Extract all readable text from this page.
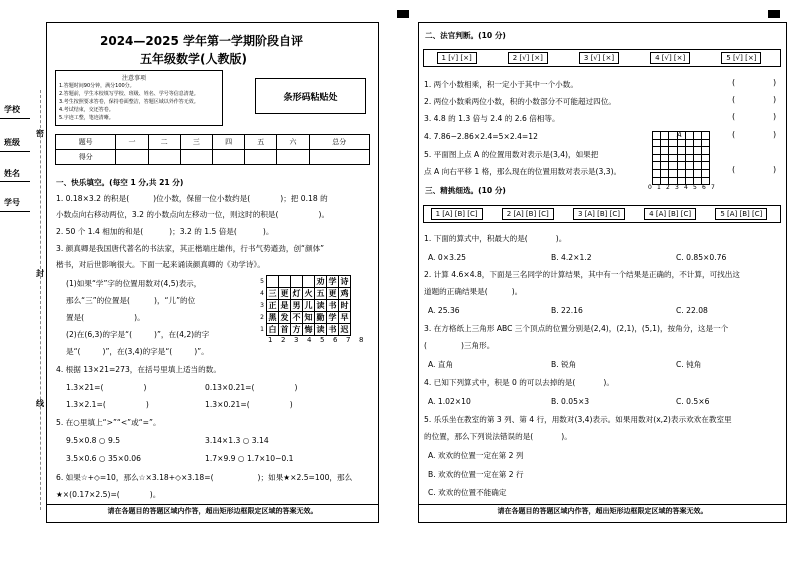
2024—2025 学年第一学期阶段自评
五年级数学(人教版)
注意事项
1.答题时间90分钟，满分100分。
2.答题前，学生本校填写学校、班级、姓名、学号等信息清楚。
3.考生按照要求答卷，保持卷面整洁，答题区域以外作答无效。
4.考试结束，交还答卷。
5.字迹工整，笔迹清晰。
条形码粘贴处
学校
班级
姓名
学号
密
封
线
题号	一	二	三	四	五	六	总分
得分							
一、快乐填空。(每空 1 分,共 21 分)
1. 0.18×3.2 的积是(	)位小数，保留一位小数约是(	)；把 0.18 的
小数点向右移动两位，3.2 的小数点向左移动一位，则这时的积是(	)。
2. 50 个 1.4 相加的和是(	)；3.2 的 1.5 倍是(	)。
3. 颜真卿是我国唐代著名的书法家，其正楷端庄雄伟，行书气势遒劲，创“颜体”
楷书，对后世影响很大。下面一起来诵读颜真卿的《劝学诗》。
(1)如果“学”字的位置用数对(4,5)表示，
那么“三”的位置是(	)，“儿”的位
置是(	)。
(2)在(6,3)的字是“(	)”，在(4,2)的字
是“(	)”，在(3,4)的字是“(	)”。
5					劝	学	诗
4	三	更	灯	火	五	更	鸡
3	正	是	男	儿	读	书	时
2	黑	发	不	知	勤	学	早
1	白	首	方	悔	读	书	迟
1	2	3	4	5	6	7	8
4. 根据 13×21=273，在括号里填上适当的数。
1.3×21=(	)	0.13×0.21=(	)
1.3×2.1=(	)	1.3×0.21=(	)
5. 在○里填上“>”“<”或“=”。
9.5×0.8 ○ 9.5	3.14×1.3 ○ 3.14
3.5×0.6 ○ 35×0.06	1.7×9.9 ○ 1.7×10−0.1
6. 如果☆+◇=10，那么☆×3.18+◇×3.18=(	)；如果★×2.5=100，那么
★×(0.17×2.5)=(	)。
请在各题目的答题区域内作答，超出矩形边框限定区域的答案无效。
二、法官判断。(10 分)
1 [√] [×]	2 [√] [×]	3 [√] [×]	4 [√] [×]	5 [√] [×]
1. 两个小数相乘，积一定小于其中一个小数。
2. 两位小数乘两位小数，积的小数部分不可能超过四位。
3. 4.8 的 1.3 倍与 2.4 的 2.6 倍相等。
4. 7.86−2.86×2.4=5×2.4=12
5. 平面图上点 A 的位置用数对表示是(3,4)，如果把
点 A 向右平移 1 格，那么现在的位置用数对表示是(3,3)。
(	)
(	)
(	)
(	)
(	)

A
0 1 2 3 4 5 6 7
三、精挑细选。(10 分)
1 [A] [B] [C]	2 [A] [B] [C]	3 [A] [B] [C]	4 [A] [B] [C]	5 [A] [B] [C]
1. 下面的算式中，积最大的是(	)。
A. 0×3.25	B. 4.2×1.2	C. 0.85×0.76
2. 计算 4.6×4.8，下面是三名同学的计算结果，其中有一个结果是正确的，不计算，可找出这
道题的正确结果是(	)。
A. 25.36	B. 22.16	C. 22.08
3. 在方格纸上三角形 ABC 三个顶点的位置分别是(2,4)，(2,1)，(5,1)，按角分，这是一个
(	)三角形。
A. 直角	B. 锐角	C. 钝角
4. 已知下列算式中，积是 0 的可以去掉的是(	)。
A. 1.02×10	B. 0.05×3	C. 0.5×6
5. 乐乐坐在教室的第 3 列、第 4 行，用数对(3,4)表示。如果用数对(x,2)表示欢欢在教室里
的位置，那么下列说法错误的是(	)。
A. 欢欢的位置一定在第 2 列
B. 欢欢的位置一定在第 2 行
C. 欢欢的位置不能确定
请在各题目的答题区域内作答，超出矩形边框限定区域的答案无效。
